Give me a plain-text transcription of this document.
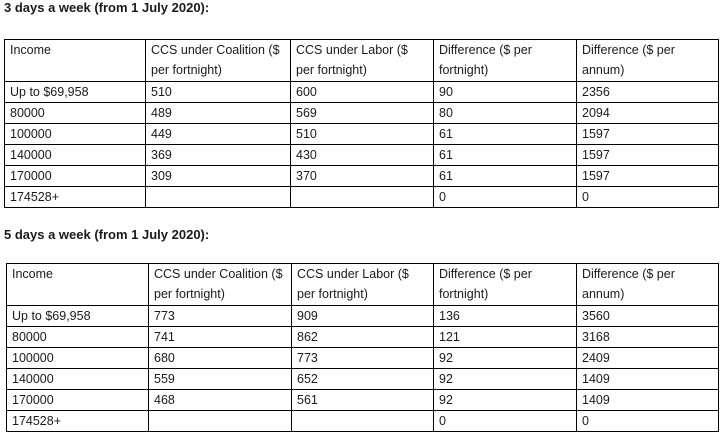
3 days a week (from 1 July 2020):
Income	CCS under Coalition ($ per fortnight)	CCS under Labor ($ per fortnight)	Difference ($ per fortnight)	Difference ($ per annum)
Up to $69,958	510	600	90	2356
80000	489	569	80	2094
100000	449	510	61	1597
140000	369	430	61	1597
170000	309	370	61	1597
174528+			0	0
5 days a week (from 1 July 2020):
Income	CCS under Coalition ($ per fortnight)	CCS under Labor ($ per fortnight)	Difference ($ per fortnight)	Difference ($ per annum)
Up to $69,958	773	909	136	3560
80000	741	862	121	3168
100000	680	773	92	2409
140000	559	652	92	1409
170000	468	561	92	1409
174528+			0	0
